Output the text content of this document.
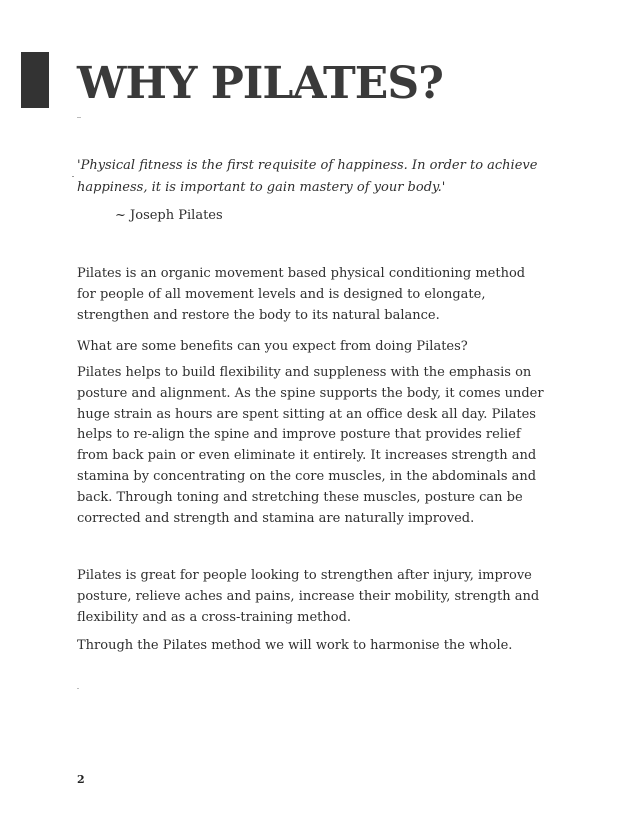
WHY PILATES?

'Physical fitness is the first requisite of happiness. In order to achieve happiness, it is important to gain mastery of your body.'

~ Joseph Pilates

Pilates is an organic movement based physical conditioning method for people of all movement levels and is designed to elongate, strengthen and restore the body to its natural balance.

What are some benefits can you expect from doing Pilates?

Pilates helps to build flexibility and suppleness with the emphasis on posture and alignment. As the spine supports the body, it comes under huge strain as hours are spent sitting at an office desk all day. Pilates helps to re-align the spine and improve posture that provides relief from back pain or even eliminate it entirely. It increases strength and stamina by concentrating on the core muscles, in the abdominals and back. Through toning and stretching these muscles, posture can be corrected and strength and stamina are naturally improved.

Pilates is great for people looking to strengthen after injury, improve posture, relieve aches and pains, increase their mobility, strength and flexibility and as a cross-training method.

Through the Pilates method we will work to harmonise the whole.

2
